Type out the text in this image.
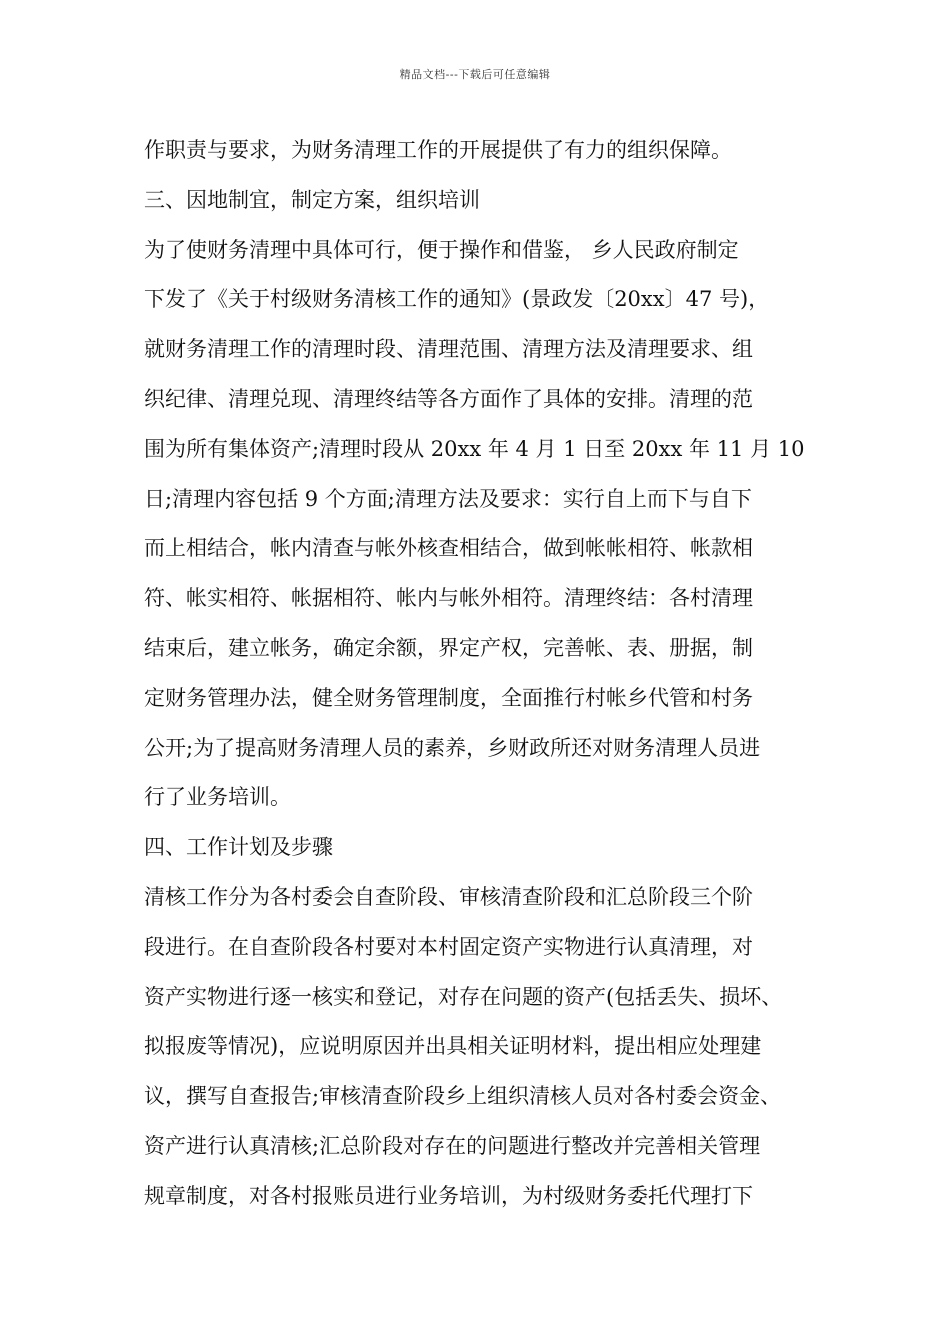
精品文档---下载后可任意编辑
作职责与要求，为财务清理工作的开展提供了有力的组织保障。
三、因地制宜，制定方案，组织培训
为了使财务清理中具体可行，便于操作和借鉴， 乡人民政府制定
下发了《关于村级财务清核工作的通知》(景政发〔20xx〕47 号)，
就财务清理工作的清理时段、清理范围、清理方法及清理要求、组
织纪律、清理兑现、清理终结等各方面作了具体的安排。清理的范
围为所有集体资产;清理时段从 20xx 年 4 月 1 日至 20xx 年 11 月 10
日;清理内容包括 9 个方面;清理方法及要求：实行自上而下与自下
而上相结合，帐内清查与帐外核查相结合，做到帐帐相符、帐款相
符、帐实相符、帐据相符、帐内与帐外相符。清理终结：各村清理
结束后，建立帐务，确定余额，界定产权，完善帐、表、册据，制
定财务管理办法，健全财务管理制度，全面推行村帐乡代管和村务
公开;为了提高财务清理人员的素养，乡财政所还对财务清理人员进
行了业务培训。
四、工作计划及步骤
清核工作分为各村委会自查阶段、审核清查阶段和汇总阶段三个阶
段进行。在自查阶段各村要对本村固定资产实物进行认真清理，对
资产实物进行逐一核实和登记，对存在问题的资产(包括丢失、损坏、
拟报废等情况)，应说明原因并出具相关证明材料，提出相应处理建
议，撰写自查报告;审核清查阶段乡上组织清核人员对各村委会资金、
资产进行认真清核;汇总阶段对存在的问题进行整改并完善相关管理
规章制度，对各村报账员进行业务培训，为村级财务委托代理打下
